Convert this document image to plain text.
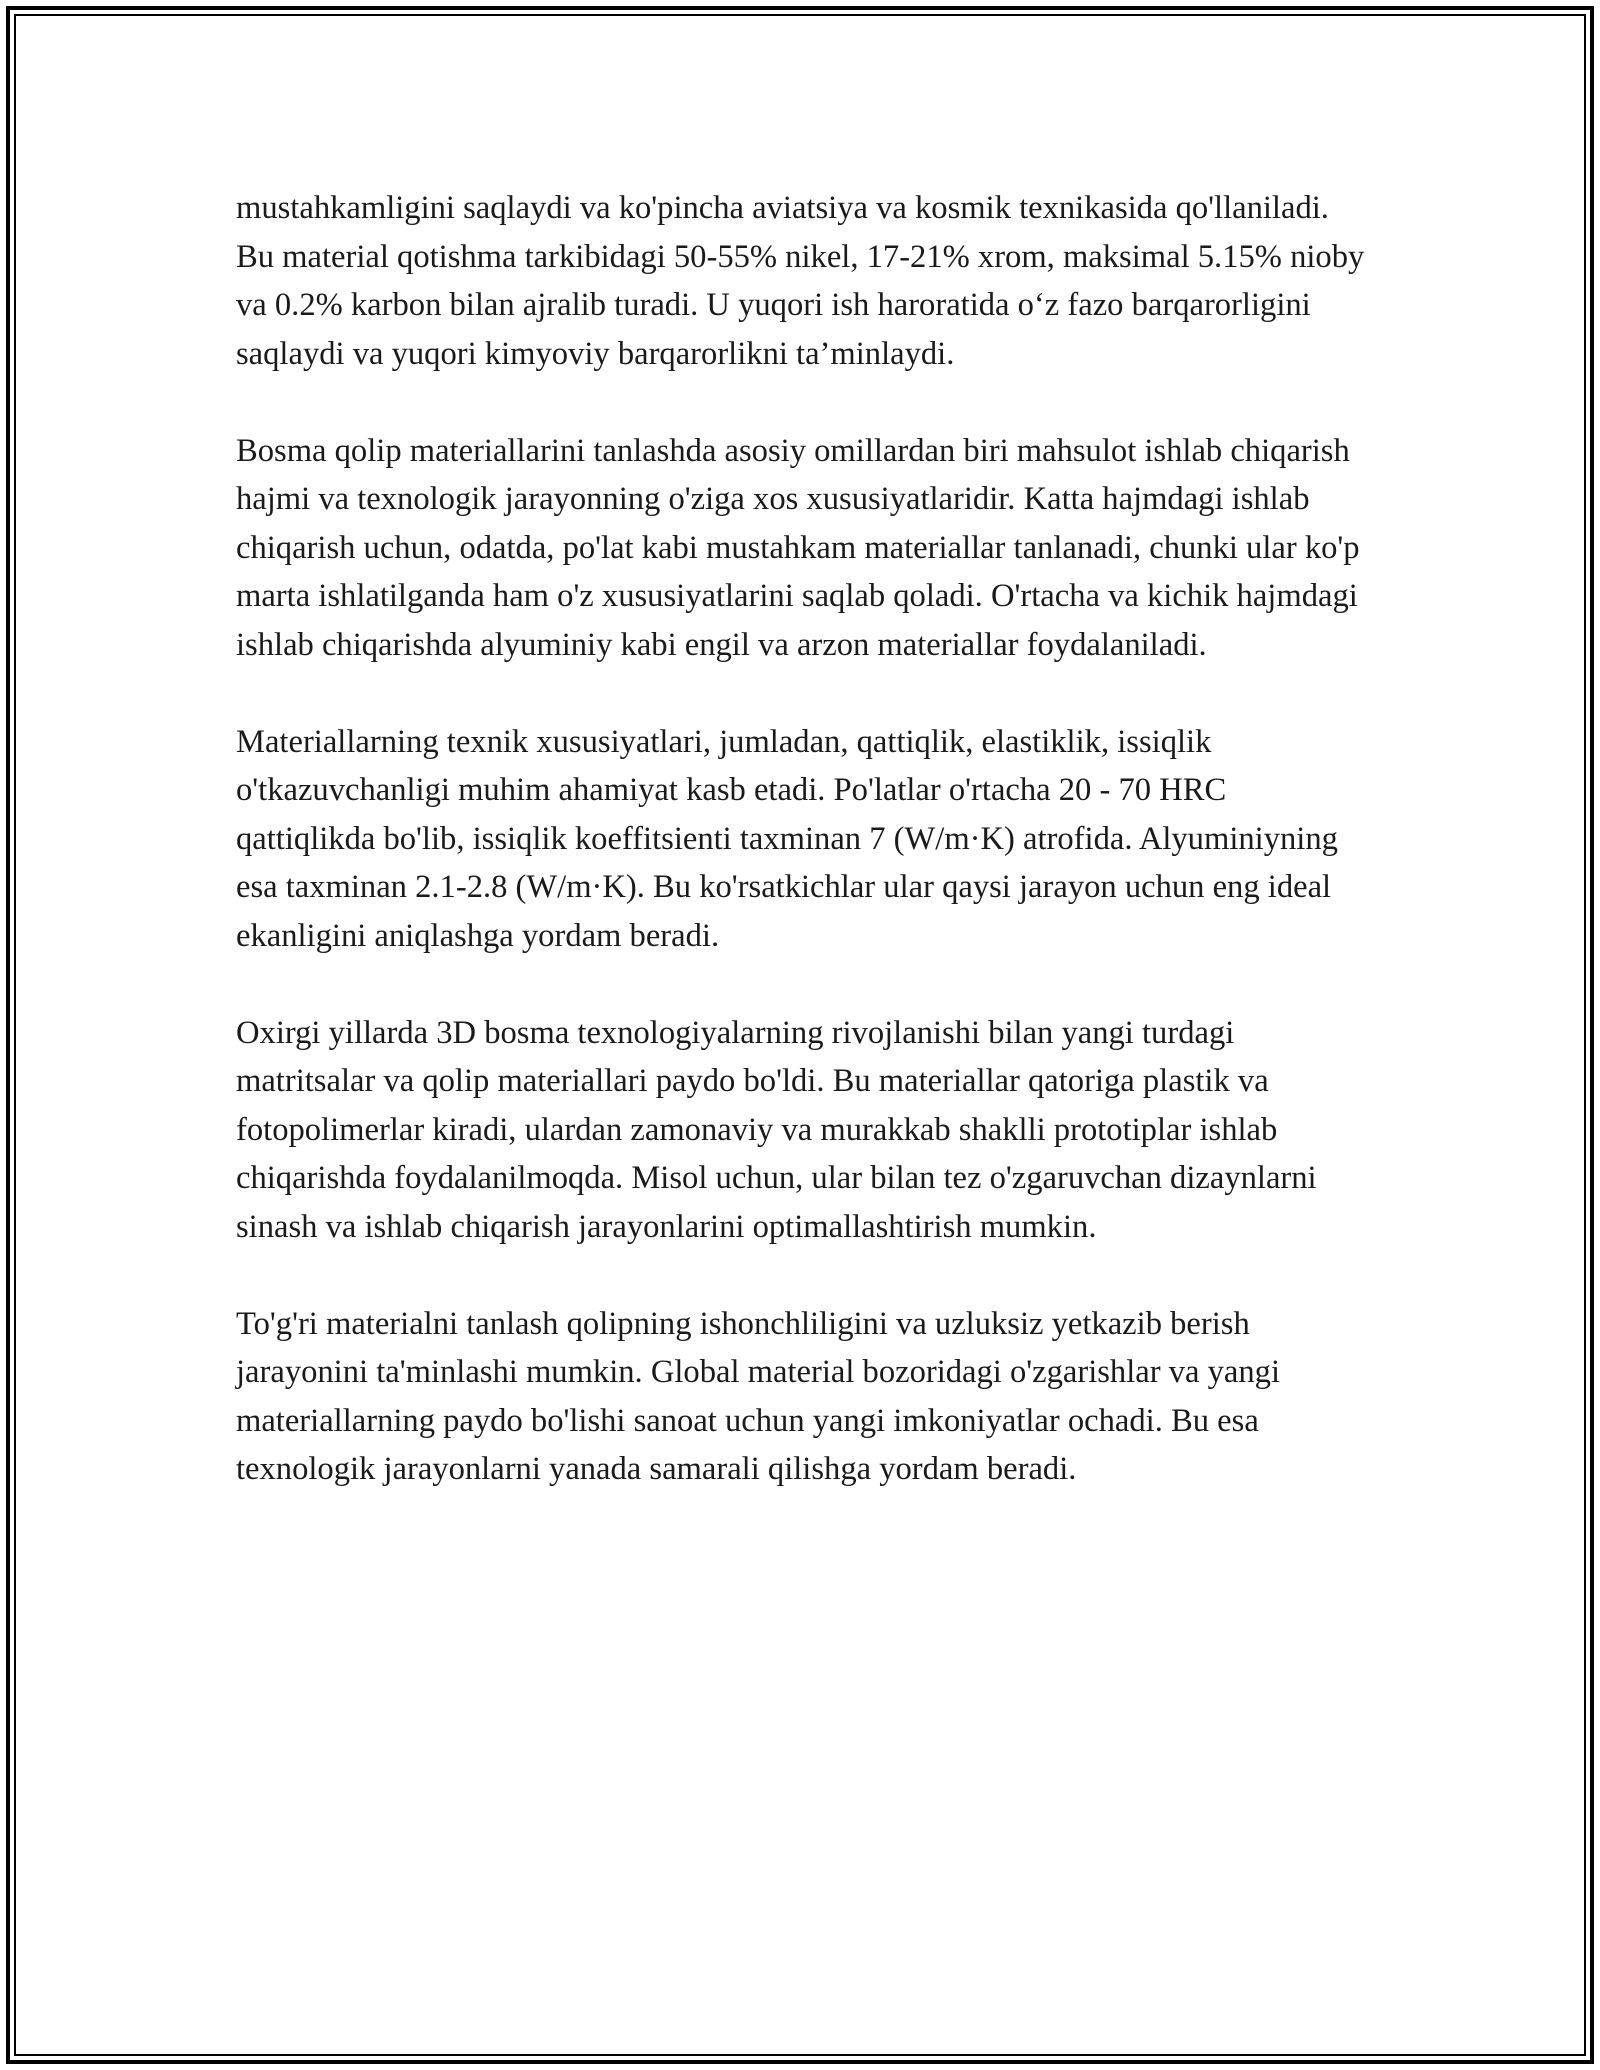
mustahkamligini saqlaydi va ko'pincha aviatsiya va kosmik texnikasida qo'llaniladi. Bu material qotishma tarkibidagi 50-55% nikel, 17-21% xrom, maksimal 5.15% nioby va 0.2% karbon bilan ajralib turadi. U yuqori ish haroratida o‘z fazo barqarorligini saqlaydi va yuqori kimyoviy barqarorlikni ta’minlaydi.

Bosma qolip materiallarini tanlashda asosiy omillardan biri mahsulot ishlab chiqarish hajmi va texnologik jarayonning o'ziga xos xususiyatlaridir. Katta hajmdagi ishlab chiqarish uchun, odatda, po'lat kabi mustahkam materiallar tanlanadi, chunki ular ko'p marta ishlatilganda ham o'z xususiyatlarini saqlab qoladi. O'rtacha va kichik hajmdagi ishlab chiqarishda alyuminiy kabi engil va arzon materiallar foydalaniladi.

Materiallarning texnik xususiyatlari, jumladan, qattiqlik, elastiklik, issiqlik o'tkazuvchanligi muhim ahamiyat kasb etadi. Po'latlar o'rtacha 20 - 70 HRC qattiqlikda bo'lib, issiqlik koeffitsienti taxminan 7 (W/m·K) atrofida. Alyuminiyning esa taxminan 2.1-2.8 (W/m·K). Bu ko'rsatkichlar ular qaysi jarayon uchun eng ideal ekanligini aniqlashga yordam beradi.

Oxirgi yillarda 3D bosma texnologiyalarning rivojlanishi bilan yangi turdagi matritsalar va qolip materiallari paydo bo'ldi. Bu materiallar qatoriga plastik va fotopolimerlar kiradi, ulardan zamonaviy va murakkab shaklli prototiplar ishlab chiqarishda foydalanilmoqda. Misol uchun, ular bilan tez o'zgaruvchan dizaynlarni sinash va ishlab chiqarish jarayonlarini optimallashtirish mumkin.

To'g'ri materialni tanlash qolipning ishonchliligini va uzluksiz yetkazib berish jarayonini ta'minlashi mumkin. Global material bozoridagi o'zgarishlar va yangi materiallarning paydo bo'lishi sanoat uchun yangi imkoniyatlar ochadi. Bu esa texnologik jarayonlarni yanada samarali qilishga yordam beradi.
